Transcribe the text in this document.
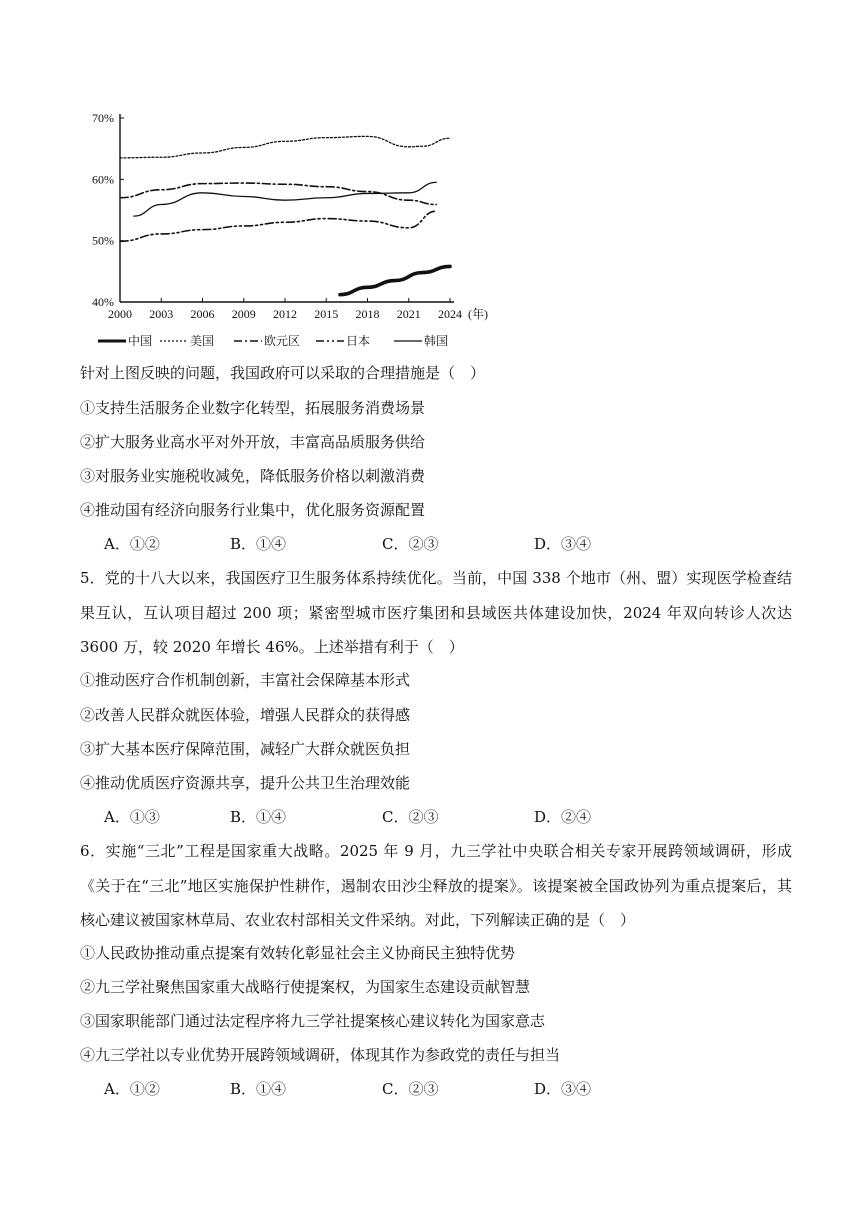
40%
50%
60%
70%
2000 2003 2006 2009 2012 2015 2018 2021 2024 (年)
中国	美国	欧元区	日本	韩国
针对上图反映的问题，我国政府可以采取的合理措施是（　）
①支持生活服务企业数字化转型，拓展服务消费场景
②扩大服务业高水平对外开放，丰富高品质服务供给
③对服务业实施税收减免，降低服务价格以刺激消费
④推动国有经济向服务行业集中，优化服务资源配置
A．①②	B．①④	C．②③	D．③④
5．党的十八大以来，我国医疗卫生服务体系持续优化。当前，中国 338 个地市（州、盟）实现医学检查结果互认，互认项目超过 200 项；紧密型城市医疗集团和县域医共体建设加快，2024 年双向转诊人次达 3600 万，较 2020 年增长 46%。上述举措有利于（　）
①推动医疗合作机制创新，丰富社会保障基本形式
②改善人民群众就医体验，增强人民群众的获得感
③扩大基本医疗保障范围，减轻广大群众就医负担
④推动优质医疗资源共享，提升公共卫生治理效能
A．①③	B．①④	C．②③	D．②④
6．实施“三北”工程是国家重大战略。2025 年 9 月，九三学社中央联合相关专家开展跨领域调研，形成《关于在“三北”地区实施保护性耕作，遏制农田沙尘释放的提案》。该提案被全国政协列为重点提案后，其核心建议被国家林草局、农业农村部相关文件采纳。对此，下列解读正确的是（　）
①人民政协推动重点提案有效转化彰显社会主义协商民主独特优势
②九三学社聚焦国家重大战略行使提案权，为国家生态建设贡献智慧
③国家职能部门通过法定程序将九三学社提案核心建议转化为国家意志
④九三学社以专业优势开展跨领域调研，体现其作为参政党的责任与担当
A．①②	B．①④	C．②③	D．③④
